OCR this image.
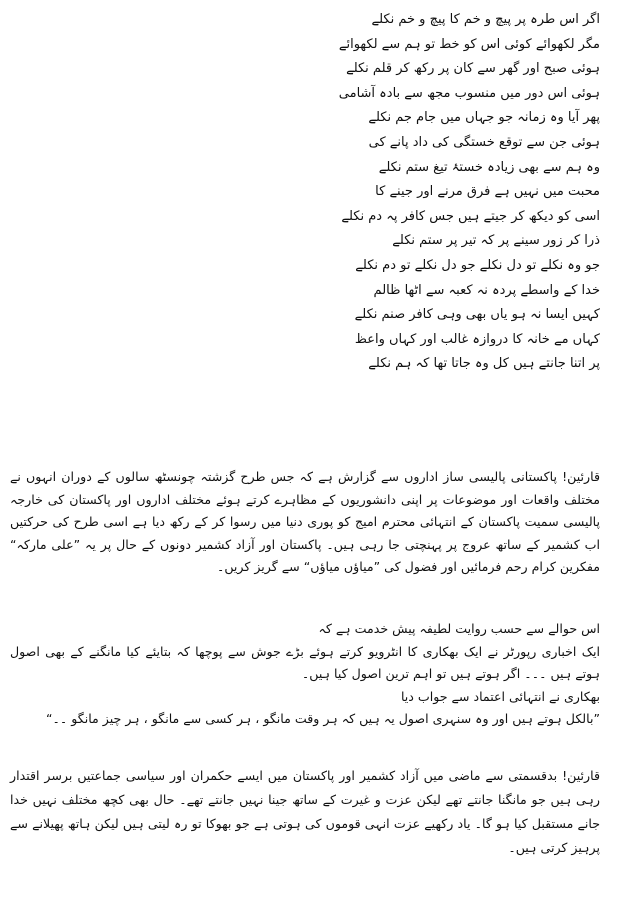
اگر اس طرہ پر پیچ و خم کا پیچ و خم نکلے
مگر لکھوائے کوئی اس کو خط تو ہم سے لکھوائے
ہوئی صبح اور گھر سے کان پر رکھ کر قلم نکلے
ہوئی اس دور میں منسوب مجھ سے بادہ آشامی
پھر آیا وہ زمانہ جو جہاں میں جام جم نکلے
ہوئی جن سے توقع خستگی کی داد پانے کی
وہ ہم سے بھی زیادہ خستۂ تیغ ستم نکلے
محبت میں نہیں ہے فرق مرنے اور جینے کا
اسی کو دیکھ کر جیتے ہیں جس کافر پہ دم نکلے
ذرا کر زور سینے پر کہ تیر پر ستم نکلے
جو وہ نکلے تو دل نکلے جو دل نکلے تو دم نکلے
خدا کے واسطے پردہ نہ کعبہ سے اٹھا ظالم
کہیں ایسا نہ ہو یاں بھی وہی کافر صنم نکلے
کہاں مے خانہ کا دروازہ غالب اور کہاں واعظ
پر اتنا جانتے ہیں کل وہ جاتا تھا کہ ہم نکلے

قارئین! پاکستانی پالیسی ساز اداروں سے گزارش ہے کہ جس طرح گزشتہ چونسٹھ سالوں کے دوران انہوں نے مختلف واقعات اور موضوعات پر اپنی دانشوریوں کے مظاہرے کرتے ہوئے مختلف اداروں اور پاکستان کی خارجہ پالیسی سمیت پاکستان کے انتہائی محترم امیج کو پوری دنیا میں رسوا کر کے رکھ دیا ہے اسی طرح کی حرکتیں اب کشمیر کے ساتھ عروج پر پہنچتی جا رہی ہیں۔ پاکستان اور آزاد کشمیر دونوں کے حال پر یہ ”علی مارکہ“ مفکرین کرام رحم فرمائیں اور فضول کی ”میاؤں میاؤں“ سے گریز کریں۔

اس حوالے سے حسب روایت لطیفہ پیش خدمت ہے کہ
ایک اخباری رپورٹر نے ایک بھکاری کا انٹرویو کرتے ہوئے بڑے جوش سے پوچھا کہ بتایئے کیا مانگنے کے بھی اصول ہوتے ہیں ۔۔۔ اگر ہوتے ہیں تو اہم ترین اصول کیا ہیں۔
بھکاری نے انتہائی اعتماد سے جواب دیا
”بالکل ہوتے ہیں اور وہ سنہری اصول یہ ہیں کہ ہر وقت مانگو ، ہر کسی سے مانگو ، ہر چیز مانگو ۔۔“

قارئین! بدقسمتی سے ماضی میں آزاد کشمیر اور پاکستان میں ایسے حکمران اور سیاسی جماعتیں برسر اقتدار رہی ہیں جو مانگنا جانتے تھے لیکن عزت و غیرت کے ساتھ جینا نہیں جانتے تھے۔ حال بھی کچھ مختلف نہیں خدا جانے مستقبل کیا ہو گا۔ یاد رکھیے عزت انہی قوموں کی ہوتی ہے جو بھوکا تو رہ لیتی ہیں لیکن ہاتھ پھیلانے سے پرہیز کرتی ہیں۔
